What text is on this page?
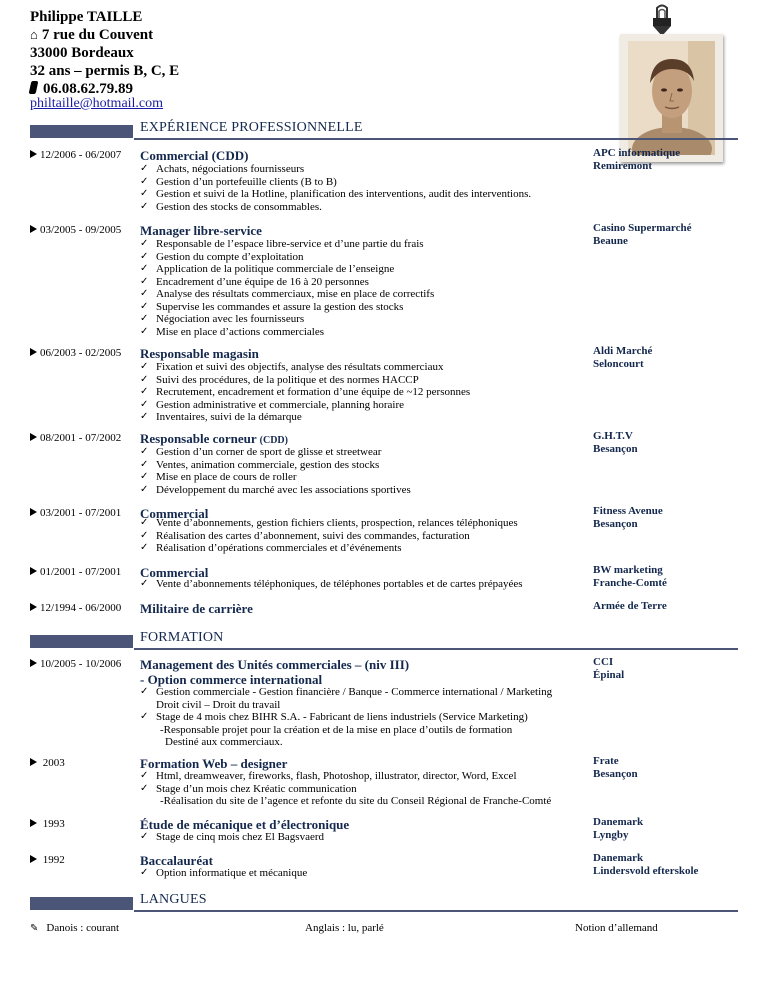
Philippe TAILLE
⌂ 7 rue du Couvent
33000 Bordeaux
32 ans – permis B, C, E
06.08.62.79.89
philtaille@hotmail.com
EXPÉRIENCE PROFESSIONNELLE
12/2006 - 06/2007 Commercial (CDD)	APC informatique
Remiremont
✓ Achats, négociations fournisseurs
✓ Gestion d’un portefeuille clients (B to B)
✓ Gestion et suivi de la Hotline, planification des interventions, audit des interventions.
✓ Gestion des stocks de consommables.
03/2005 - 09/2005 Manager libre-service	Casino Supermarché
Beaune
✓ Responsable de l’espace libre-service et d’une partie du frais
✓ Gestion du compte d’exploitation
✓ Application de la politique commerciale de l’enseigne
✓ Encadrement d’une équipe de 16 à 20 personnes
✓ Analyse des résultats commerciaux, mise en place de correctifs
✓ Supervise les commandes et assure la gestion des stocks
✓ Négociation avec les fournisseurs
✓ Mise en place d’actions commerciales
06/2003 - 02/2005 Responsable magasin	Aldi Marché
Seloncourt
✓ Fixation et suivi des objectifs, analyse des résultats commerciaux
✓ Suivi des procédures, de la politique et des normes HACCP
✓ Recrutement, encadrement et formation d’une équipe de ~12 personnes
✓ Gestion administrative et commerciale, planning horaire
✓ Inventaires, suivi de la démarque
08/2001 - 07/2002 Responsable corneur (CDD)	G.H.T.V
Besançon
✓ Gestion d’un corner de sport de glisse et streetwear
✓ Ventes, animation commerciale, gestion des stocks
✓ Mise en place de cours de roller
✓ Développement du marché avec les associations sportives
03/2001 - 07/2001 Commercial	Fitness Avenue
Besançon
✓ Vente d’abonnements, gestion fichiers clients, prospection, relances téléphoniques
✓ Réalisation des cartes d’abonnement, suivi des commandes, facturation
✓ Réalisation d’opérations commerciales et d’événements
01/2001 - 07/2001 Commercial	BW marketing
Franche-Comté
✓ Vente d’abonnements téléphoniques, de téléphones portables et de cartes prépayées
12/1994 - 06/2000 Militaire de carrière	Armée de Terre
FORMATION
10/2005 - 10/2006 Management des Unités commerciales – (niv III)
- Option commerce international
CCI
Épinal
✓ Gestion commerciale - Gestion financière / Banque - Commerce international / Marketing
Droit civil – Droit du travail
✓ Stage de 4 mois chez BIHR S.A. - Fabricant de liens industriels (Service Marketing)
-Responsable projet pour la création et de la mise en place d’outils de formation
Destiné aux commerciaux.
2003	Formation Web – designer	Frate
Besançon
✓ Html, dreamweaver, fireworks, flash, Photoshop, illustrator, director, Word, Excel
✓ Stage d’un mois chez Kréatic communication
-Réalisation du site de l’agence et refonte du site du Conseil Régional de Franche-Comté
1993	Étude de mécanique et d’électronique	Danemark
Lyngby
✓ Stage de cinq mois chez El Bagsvaerd
1992	Baccalauréat	Danemark
Lindersvold efterskole
✓ Option informatique et mécanique
LANGUES
✎ Danois : courant	Anglais : lu, parlé	Notion d’allemand
